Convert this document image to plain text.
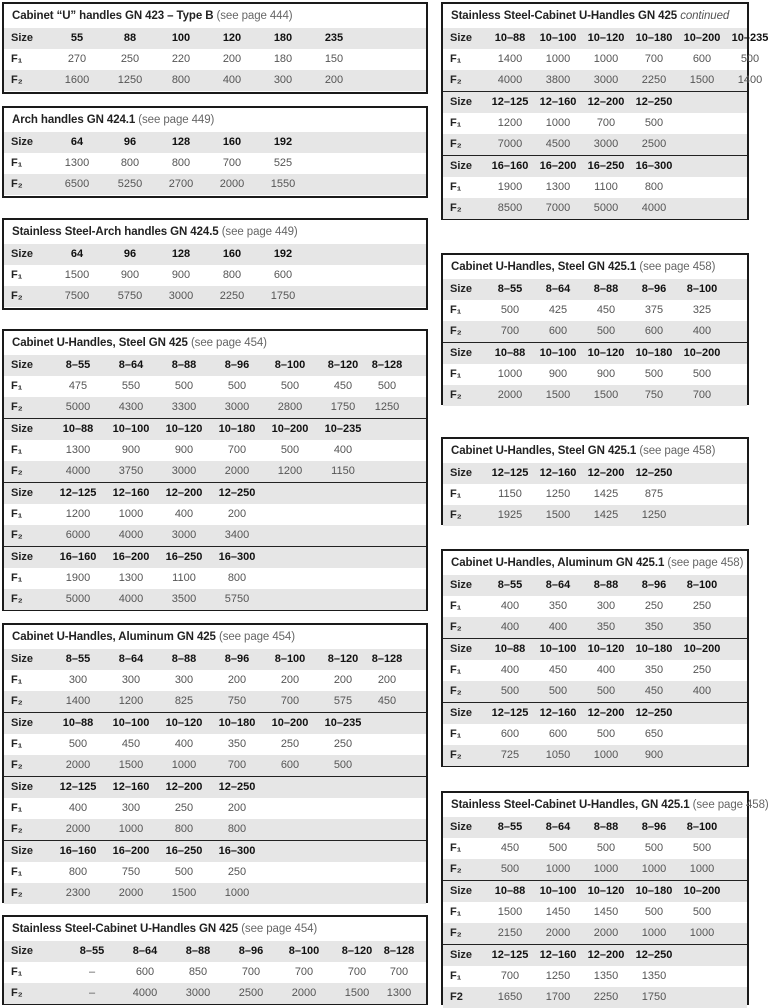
Cabinet “U” handles GN 423 – Type B (see page 444)
Size	55	88	100	120	180	235
F₁	270	250	220	200	180	150
F₂	1600	1250	800	400	300	200
Arch handles GN 424.1 (see page 449)
Size	64	96	128	160	192
F₁	1300	800	800	700	525
F₂	6500	5250	2700	2000	1550
Stainless Steel-Arch handles GN 424.5 (see page 449)
Size	64	96	128	160	192
F₁	1500	900	900	800	600
F₂	7500	5750	3000	2250	1750
Cabinet U-Handles, Steel GN 425 (see page 454)
Size	8–55	8–64	8–88	8–96	8–100	8–120	8–128
F₁	475	550	500	500	500	450	500
F₂	5000	4300	3300	3000	2800	1750	1250
Size	10–88	10–100	10–120	10–180	10–200	10–235
F₁	1300	900	900	700	500	400
F₂	4000	3750	3000	2000	1200	1150
Size	12–125	12–160	12–200	12–250
F₁	1200	1000	400	200
F₂	6000	4000	3000	3400
Size	16–160	16–200	16–250	16–300
F₁	1900	1300	1100	800
F₂	5000	4000	3500	5750
Cabinet U-Handles, Aluminum GN 425 (see page 454)
Size	8–55	8–64	8–88	8–96	8–100	8–120	8–128
F₁	300	300	300	200	200	200	200
F₂	1400	1200	825	750	700	575	450
Size	10–88	10–100	10–120	10–180	10–200	10–235
F₁	500	450	400	350	250	250
F₂	2000	1500	1000	700	600	500
Size	12–125	12–160	12–200	12–250
F₁	400	300	250	200
F₂	2000	1000	800	800
Size	16–160	16–200	16–250	16–300
F₁	800	750	500	250
F₂	2300	2000	1500	1000
Stainless Steel-Cabinet U-Handles GN 425 (see page 454)
Size	8–55	8–64	8–88	8–96	8–100	8–120	8–128
F₁	–	600	850	700	700	700	700
F₂	–	4000	3000	2500	2000	1500	1300
Stainless Steel-Cabinet U-Handles GN 425 continued
Size	10–88	10–100	10–120	10–180	10–200	10–235
F₁	1400	1000	1000	700	600	500
F₂	4000	3800	3000	2250	1500	1400
Size	12–125	12–160	12–200	12–250
F₁	1200	1000	700	500
F₂	7000	4500	3000	2500
Size	16–160	16–200	16–250	16–300
F₁	1900	1300	1100	800
F₂	8500	7000	5000	4000
Cabinet U-Handles, Steel GN 425.1 (see page 458)
Size	8–55	8–64	8–88	8–96	8–100
F₁	500	425	450	375	325
F₂	700	600	500	600	400
Size	10–88	10–100	10–120	10–180	10–200
F₁	1000	900	900	500	500
F₂	2000	1500	1500	750	700
Cabinet U-Handles, Steel GN 425.1 (see page 458)
Size	12–125	12–160	12–200	12–250
F₁	1150	1250	1425	875
F₂	1925	1500	1425	1250
Cabinet U-Handles, Aluminum GN 425.1 (see page 458)
Size	8–55	8–64	8–88	8–96	8–100
F₁	400	350	300	250	250
F₂	400	400	350	350	350
Size	10–88	10–100	10–120	10–180	10–200
F₁	400	450	400	350	250
F₂	500	500	500	450	400
Size	12–125	12–160	12–200	12–250
F₁	600	600	500	650
F₂	725	1050	1000	900
Stainless Steel-Cabinet U-Handles, GN 425.1 (see page 458)
Size	8–55	8–64	8–88	8–96	8–100
F₁	450	500	500	500	500
F₂	500	1000	1000	1000	1000
Size	10–88	10–100	10–120	10–180	10–200
F₁	1500	1450	1450	500	500
F₂	2150	2000	2000	1000	1000
Size	12–125	12–160	12–200	12–250
F₁	700	1250	1350	1350
F2	1650	1700	2250	1750
